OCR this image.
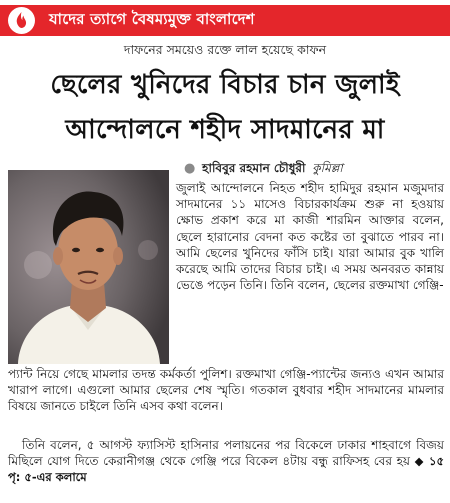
যাদের ত্যাগে বৈষম্যমুক্ত বাংলাদেশ
দাফনের সময়েও রক্তে লাল হয়েছে কাফন
ছেলের খুনিদের বিচার চান জুলাই
আন্দোলনে শহীদ সাদমানের মা
● হাবিবুর রহমান চৌধুরী কুমিল্লা
জুলাই আন্দোলনে নিহত শহীদ হামিদুর রহমান মজুমদার সাদমানের ১১ মাসেও বিচারকার্যক্রম শুরু না হওয়ায় ক্ষোভ প্রকাশ করে মা কাজী শারমিন আক্তার বলেন, ছেলে হারানোর বেদনা কত কষ্টের তা বুঝাতে পারব না। আমি ছেলের খুনিদের ফাঁসি চাই। যারা আমার বুক খালি করেছে আমি তাদের বিচার চাই। এ সময় অনবরত কান্নায় ভেঙে পড়েন তিনি। তিনি বলেন, ছেলের রক্তমাখা গেঞ্জি-
প্যান্ট নিয়ে গেছে মামলার তদন্ত কর্মকর্তা পুলিশ। রক্তমাখা গেঞ্জি-প্যান্টের জন্যও এখন আমার খারাপ লাগে। এগুলো আমার ছেলের শেষ স্মৃতি। গতকাল বুধবার শহীদ সাদমানের মামলার বিষয়ে জানতে চাইলে তিনি এসব কথা বলেন।
তিনি বলেন, ৫ আগস্ট ফ্যাসিস্ট হাসিনার পলায়নের পর বিকেলে ঢাকার শাহবাগে বিজয় মিছিলে যোগ দিতে কেরানীগঞ্জ থেকে গেঞ্জি পরে বিকেল ৪টায় বন্ধু রাফিসহ বের হয় ◆ ১৫ পৃ: ৫-এর কলামে
